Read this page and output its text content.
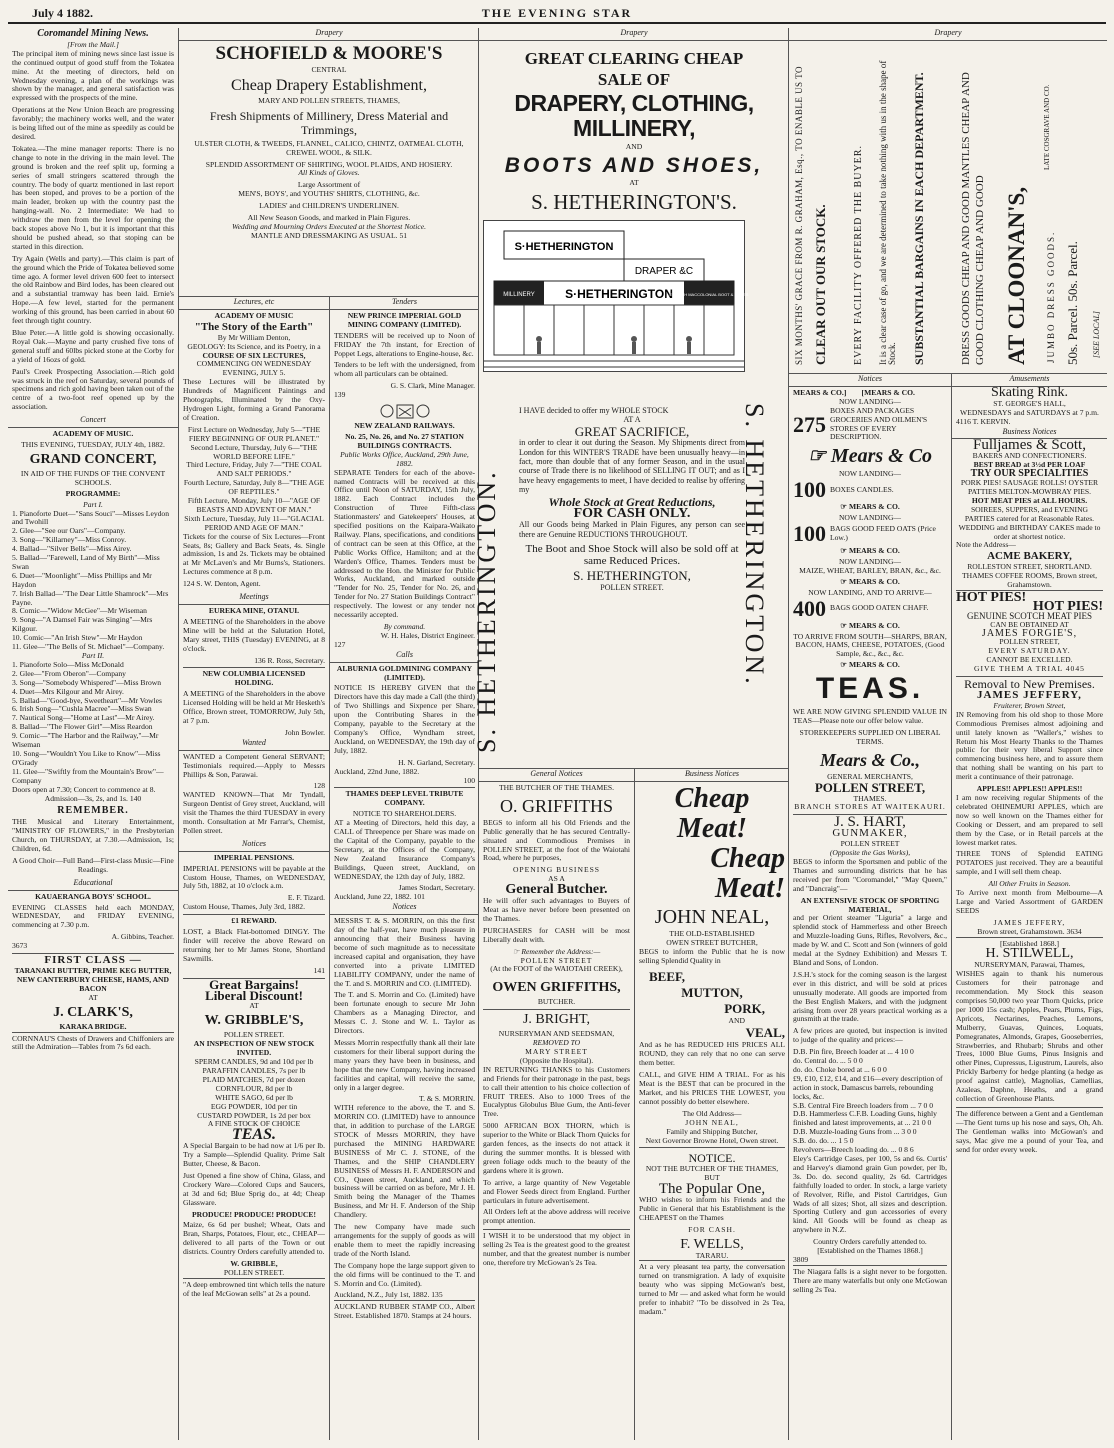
July 4 1882.	THE EVENING STAR
Coromandel Mining News.
[From the Mail.]

The principal item of mining news since last issue is the continued output of good stuff from the Tokatea mine. At the meeting of directors, held on Wednesday evening, a plan of the workings was shown by the manager, and general satisfaction was expressed with the prospects of the mine.

Operations at the New Union Beach are progressing favorably; the machinery works well, and the water is being lifted out of the mine as speedily as could be desired.

Tokatea.—The mine manager reports: There is no change to note in the driving in the main level. The ground is broken and the reef split up, forming a series of small stringers scattered through the country. The body of quartz mentioned in last report has been stoped, and proves to be a portion of the main leader, broken up with the country past the hanging-wall. No. 2 Intermediate: We had to withdraw the men from the level for opening the back stopes above No 1, but it is important that this should be pushed ahead, so that stoping can be started in this direction.

Try Again (Wells and party).—This claim is part of the ground which the Pride of Tokatea believed some time ago. A former level driven 600 feet to intersect the old Rainbow and Bird lodes, has been cleared out and a substantial tramway has been laid. Ernie's Hope.—A few level, started for the permanent working of this ground, has been carried in about 60 feet through tight country.

Blue Peter.—A little gold is showing occasionally. Royal Oak.—Mayne and party crushed five tons of general stuff and 60lbs picked stone at the Corby for a yield of 16ozs of gold.

Paul's Creek Prospecting Association.—Rich gold was struck in the reef on Saturday, several pounds of specimens and rich gold having been taken out of the centre of a two-foot reef opened up by the association.

Concert
ACADEMY OF MUSIC.
THIS EVENING, TUESDAY, JULY 4th, 1882.
GRAND CONCERT,
IN AID OF THE FUNDS OF THE CONVENT SCHOOLS.
PROGRAMME:
Part I.
1. Pianoforte Duet—"Sans Souci"—Misses Leydon and Twohill
2. Glee—"See our Oars"—Company.
3. Song—"Killarney"—Miss Conroy.
4. Ballad—"Silver Bells"—Miss Airey.
5. Ballad—"Farewell, Land of My Birth"—Miss Swan
6. Duet—"Moonlight"—Miss Phillips and Mr Haydon
7. Irish Ballad—"The Dear Little Shamrock"—Mrs Payne.
8. Comic—"Widow McGee"—Mr Wiseman
9. Song—"A Damsel Fair was Singing"—Mrs Kilgour.
10. Comic—"An Irish Stew"—Mr Haydon
11. Glee—"The Bells of St. Michael"—Company.
Part II.
1. Pianoforte Solo—Miss McDonald
2. Glee—"From Oberon"—Company
3. Song—"Somebody Whispered"—Miss Brown
4. Duet—Mrs Kilgour and Mr Airey.
5. Ballad—"Good-bye, Sweetheart"—Mr Vowles
6. Irish Song—"Cushla Macree"—Miss Swan
7. Nautical Song—"Home at Last"—Mr Airey.
8. Ballad—"The Flower Girl"—Miss Reardon
9. Comic—"The Harbor and the Railway,"—Mr Wiseman
10. Song—"Wouldn't You Like to Know"—Miss O'Grady
11. Glee—"Swiftly from the Mountain's Brow"—Company
Doors open at 7.30; Concert to commence at 8.
Admission—3s, 2s, and 1s. 140
REMEMBER.

THE Musical and Literary Entertainment, "MINISTRY OF FLOWERS," in the Presbyterian Church, on THURSDAY, at 7.30.—Admission, 1s; Children, 6d.

A Good Choir—Full Band—First-class Music—Fine Readings.

Educational
KAUAERANGA BOYS' SCHOOL.

EVENING CLASSES held each MONDAY, WEDNESDAY, and FRIDAY EVENING, commencing at 7.30 p.m.

A. Gibbins, Teacher.
3673
FIRST CLASS —
TARANAKI BUTTER, PRIME KEG BUTTER, NEW CANTERBURY CHEESE, HAMS, AND BACON
AT
J. CLARK'S,
KARAKA BRIDGE.

CORNNAU'S Chests of Drawers and Chiffoniers are still the Admiration—Tables from 7s 6d each.

Drapery
SCHOFIELD & MOORE'S
CENTRAL
Cheap Drapery Establishment,
MARY AND POLLEN STREETS, THAMES,
Fresh Shipments of Millinery, Dress Material and Trimmings,
ULSTER CLOTH, & TWEEDS, FLANNEL, CALICO, CHINTZ, OATMEAL CLOTH, CREWEL WOOL, & SILK.
SPLENDID ASSORTMENT OF SHIRTING, WOOL PLAIDS, AND HOSIERY.
All Kinds of Gloves.
Large Assortment of
MEN'S, BOYS', and YOUTHS' SHIRTS, CLOTHING, &c.
LADIES' and CHILDREN'S UNDERLINEN.
All New Season Goods, and marked in Plain Figures.
Wedding and Mourning Orders Executed at the Shortest Notice.
MANTLE AND DRESSMAKING AS USUAL. 51
Lectures, etc
ACADEMY OF MUSIC
"The Story of the Earth"
By Mr William Denton,
GEOLOGY: Its Science, and its Poetry, in a
COURSE OF SIX LECTURES,
COMMENCING ON WEDNESDAY EVENING, JULY 5.

These Lectures will be illustrated by Hundreds of Magnificent Paintings and Photographs, Illuminated by the Oxy-Hydrogen Light, forming a Grand Panorama of Creation.

First Lecture on Wednesday, July 5—"THE FIERY BEGINNING OF OUR PLANET."
Second Lecture, Thursday, July 6—"THE WORLD BEFORE LIFE."
Third Lecture, Friday, July 7—"THE COAL AND SALT PERIODS."
Fourth Lecture, Saturday, July 8—"THE AGE OF REPTILES."
Fifth Lecture, Monday, July 10—"AGE OF BEASTS AND ADVENT OF MAN."
Sixth Lecture, Tuesday, July 11—"GLACIAL PERIOD AND AGE OF MAN."

Tickets for the course of Six Lectures—Front Seats, 8s; Gallery and Back Seats, 4s. Single admission, 1s and 2s. Tickets may be obtained at Mr McLaven's and Mr Burns's, Stationers. Lectures commence at 8 p.m.

124 S. W. Denton, Agent.
Meetings
EUREKA MINE, OTANUI.

A MEETING of the Shareholders in the above Mine will be held at the Salutation Hotel, Mary street, THIS (Tuesday) EVENING, at 8 o'clock.

136 R. Ross, Secretary.
NEW COLUMBIA LICENSED HOLDING.

A MEETING of the Shareholders in the above Licensed Holding will be held at Mr Hesketh's Office, Brown street, TOMORROW, July 5th, at 7 p.m.

John Bowler.
Wanted

WANTED a Competent General SERVANT; Testimonials required.—Apply to Messrs Phillips & Son, Parawai.

128

WANTED KNOWN—That Mr Tyndall, Surgeon Dentist of Grey street, Auckland, will visit the Thames the third TUESDAY in every month. Consultation at Mr Farrar's, Chemist, Pollen street.

Notices
IMPERIAL PENSIONS.

IMPERIAL PENSIONS will be payable at the Custom House, Thames, on WEDNESDAY, July 5th, 1882, at 10 o'clock a.m.

E. F. Tizard.
Custom House, Thames, July 3rd, 1882.
£1 REWARD.

LOST, a Black Flat-bottomed DINGY. The finder will receive the above Reward on returning her to Mr James Stone, Shortland Sawmills.

141
Great Bargains!
Liberal Discount!
AT
W. GRIBBLE'S,
POLLEN STREET.
AN INSPECTION OF NEW STOCK INVITED.
SPERM CANDLES, 9d and 10d per lb
PARAFFIN CANDLES, 7s per lb
PLAID MATCHES, 7d per dozen
CORNFLOUR, 8d per lb
WHITE SAGO, 6d per lb
EGG POWDER, 10d per tin
CUSTARD POWDER, 1s 2d per box
A FINE STOCK OF CHOICE
TEAS.

A Special Bargain to be had now at 1/6 per lb. Try a Sample—Splendid Quality. Prime Salt Butter, Cheese, & Bacon.

Just Opened a fine show of China, Glass, and Crockery Ware—Colored Cups and Saucers, at 3d and 6d; Blue Sprig do., at 4d; Cheap Glassware.

PRODUCE! PRODUCE! PRODUCE!

Maize, 6s 6d per bushel; Wheat, Oats and Bran, Sharps, Potatoes, Flour, etc., CHEAP—delivered to all parts of the Town or out districts. Country Orders carefully attended to.

W. GRIBBLE,
POLLEN STREET.

"A deep embrowned tint which tells the nature of the leaf McGowan sells" at 2s a pound.

Tenders
NEW PRINCE IMPERIAL GOLD MINING COMPANY (LIMITED).

TENDERS will be received up to Noon of FRIDAY the 7th instant, for Erection of Poppet Legs, alterations to Engine-house, &c.

Tenders to be left with the undersigned, from whom all particulars can be obtained.

G. S. Clark, Mine Manager.
139
NEW ZEALAND RAILWAYS.
No. 25, No. 26, and No. 27 STATION BUILDINGS CONTRACTS.
Public Works Office, Auckland, 29th June, 1882.

SEPARATE Tenders for each of the above-named Contracts will be received at this Office until Noon of SATURDAY, 15th July, 1882. Each Contract includes the Construction of Three Fifth-class Stationmasters' and Gatekeepers' Houses, at specified positions on the Kaipara-Waikato Railway. Plans, specifications, and conditions of contract can be seen at this Office, at the Public Works Office, Hamilton; and at the Warden's Office, Thames. Tenders must be addressed to the Hon. the Minister for Public Works, Auckland, and marked outside "Tender for No. 25, Tender for No. 26, and Tender for No. 27 Station Buildings Contract" respectively. The lowest or any tender not necessarily accepted.

By command.
W. H. Hales, District Engineer.
127
Calls
ALBURNIA GOLDMINING COMPANY (LIMITED).

NOTICE IS HEREBY GIVEN that the Directors have this day made a Call (the third) of Two Shillings and Sixpence per Share, upon the Contributing Shares in the Company, payable to the Secretary at the Company's Office, Wyndham street, Auckland, on WEDNESDAY, the 19th day of July, 1882.

H. N. Garland, Secretary.
Auckland, 22nd June, 1882.
100
THAMES DEEP LEVEL TRIBUTE COMPANY.
NOTICE TO SHAREHOLDERS.

AT a Meeting of Directors, held this day, a CALL of Threepence per Share was made on the Capital of the Company, payable to the Secretary, at the Offices of the Company, New Zealand Insurance Company's Buildings, Queen street, Auckland, on WEDNESDAY, the 12th day of July, 1882.

James Stodart, Secretary.
Auckland, June 22, 1882. 101
Notices

MESSRS T. & S. MORRIN, on this the first day of the half-year, have much pleasure in announcing that their Business having become of such magnitude as to necessitate increased capital and organisation, they have converted into a private LIMITED LIABILITY COMPANY, under the name of the T. and S. MORRIN and CO. (LIMITED).

The T. and S. Morrin and Co. (Limited) have been fortunate enough to secure Mr John Chambers as a Managing Director, and Messrs C. J. Stone and W. L. Taylor as Directors.

Messrs Morrin respectfully thank all their late customers for their liberal support during the many years they have been in business, and hope that the new Company, having increased facilities and capital, will receive the same, only in a larger degree.

T. & S. MORRIN.

WITH reference to the above, the T. and S. MORRIN CO. (LIMITED) have to announce that, in addition to purchase of the LARGE STOCK of Messrs MORRIN, they have purchased the MINING HARDWARE BUSINESS of Mr C. J. STONE, of the Thames, and the SHIP CHANDLERY BUSINESS of Messrs H. F. ANDERSON and CO., Queen street, Auckland, and which business will be carried on as before, Mr J. H. Smith being the Manager of the Thames Business, and Mr H. F. Anderson of the Ship Chandlery.

The new Company have made such arrangements for the supply of goods as will enable them to meet the rapidly increasing trade of the North Island.

The Company hope the large support given to the old firms will be continued to the T. and S. Morrin and Co. (Limited).

Auckland, N.Z., July 1st, 1882. 135

AUCKLAND RUBBER STAMP CO., Albert Street. Established 1870. Stamps at 24 hours.

Drapery
GREAT CLEARING CHEAP
SALE OF
DRAPERY, CLOTHING, MILLINERY,
AND
BOOTS AND SHOES,
AT
S. HETHERINGTON'S.
S·HETHERINGTON
DRAPER &C
MILLINERY	S·HETHERINGTON
ENGLISH MACCOLONIAL BOOT & SHOES
S. HETHERINGTON.	S. HETHERINGTON.
I HAVE decided to offer my WHOLE STOCK
AT A
GREAT SACRIFICE,

in order to clear it out during the Season. My Shipments direct from London for this WINTER'S TRADE have been unusually heavy—in fact, more than double that of any former Season, and in the usual course of Trade there is no likelihood of SELLING IT OUT; and as I have heavy engagements to meet, I have decided to realise by offering my

Whole Stock at Great Reductions,
FOR CASH ONLY.

All our Goods being Marked in Plain Figures, any person can see there are Genuine REDUCTIONS THROUGHOUT.

The Boot and Shoe Stock will also be sold off at same Reduced Prices.
S. HETHERINGTON,
POLLEN STREET.
General Notices
THE BUTCHER OF THE THAMES.
O. GRIFFITHS

BEGS to inform all his Old Friends and the Public generally that he has secured Centrally-situated and Commodious Premises in POLLEN STREET, at the foot of the Waiotahi Road, where he purposes,

OPENING BUSINESS
AS A
General Butcher.

He will offer such advantages to Buyers of Meat as have never before been presented on the Thames.

PURCHASERS for CASH will be most Liberally dealt with.

☞ Remember the Address:—
POLLEN STREET
(At the FOOT of the WAIOTAHI CREEK),
OWEN GRIFFITHS,
BUTCHER.
J. BRIGHT,
NURSERYMAN AND SEEDSMAN,
REMOVED TO
MARY STREET
(Opposite the Hospital).

IN RETURNING THANKS to his Customers and Friends for their patronage in the past, begs to call their attention to his choice collection of FRUIT TREES. Also to 1000 Trees of the Eucalyptus Globulus Blue Gum, the Anti-fever Tree.

5000 AFRICAN BOX THORN, which is superior to the White or Black Thorn Quicks for garden fences, as the insects do not attack it during the summer months. It is blessed with green foliage odds much to the beauty of the gardens where it is grown.

To arrive, a large quantity of New Vegetable and Flower Seeds direct from England. Further particulars in future advertisement.

All Orders left at the above address will receive prompt attention.

I WISH it to be understood that my object in selling 2s Tea is the greatest good to the greatest number, and that the greatest number is number one, therefore try McGowan's 2s Tea.

Business Notices
Cheap Meat!
Cheap Meat!
JOHN NEAL,
THE OLD-ESTABLISHED
OWEN STREET BUTCHER,

BEGS to inform the Public that he is now selling Splendid Quality in

BEEF,
MUTTON,
PORK,
AND
VEAL,

And as he has REDUCED HIS PRICES ALL ROUND, they can rely that no one can serve them better.

CALL, and GIVE HIM A TRIAL. For as his Meat is the BEST that can be procured in the Market, and his PRICES THE LOWEST, you cannot possibly do better elsewhere.

The Old Address—
JOHN NEAL,
Family and Shipping Butcher,
Next Governor Browne Hotel, Owen street.
NOTICE.
NOT THE BUTCHER OF THE THAMES, BUT
The Popular One,

WHO wishes to inform his Friends and the Public in General that his Establishment is the CHEAPEST on the Thames

FOR CASH.
F. WELLS,
TARARU.

At a very pleasant tea party, the conversation turned on transmigration. A lady of exquisite beauty who was sipping McGowan's best, turned to Mr — and asked what form he would prefer to inhabit? "To be dissolved in 2s Tea, madam."

Drapery
SIX MONTHS' GRACE FROM R. GRAHAM, Esq., TO ENABLE US TO CLEAR OUT OUR STOCK.	EVERY FACILITY OFFERED THE BUYER. It is a clear case of go, and we are determined to take nothing with us in the shape of Stock.	SUBSTANTIAL BARGAINS IN EACH DEPARTMENT.	DRESS GOODS CHEAP AND GOOD MANTLES CHEAP AND GOOD CLOTHING CHEAP AND GOOD AT CLOONAN'S,
LATE COSGRAVE AND CO.
JUMBO DRESS GOODS. 50s. Parcel. 50s. Parcel.	[SEE LOCAL]
Notices
MEARS & CO.]        [MEARS & CO.
NOW LANDING—
275
BOXES AND PACKAGES GROCERIES AND OILMEN'S STORES OF EVERY DESCRIPTION.
☞ Mears & Co
NOW LANDING—
100 BOXES CANDLES.
☞ MEARS & CO.
NOW LANDING—
100 BAGS GOOD FEED OATS (Price Low.)
☞ MEARS & CO.
NOW LANDING—
MAIZE, WHEAT, BARLEY, BRAN, &c., &c.
☞ MEARS & CO.
NOW LANDING, AND TO ARRIVE—
400 BAGS GOOD OATEN CHAFF.
☞ MEARS & CO.
TO ARRIVE FROM SOUTH—SHARPS, BRAN, BACON, HAMS, CHEESE, POTATOES, (Good Sample, &c., &c., &c.
☞ MEARS & CO.
TEAS.

WE ARE NOW GIVING SPLENDID VALUE IN TEAS—Please note our offer below value.

STOREKEEPERS SUPPLIED ON LIBERAL TERMS.
Mears & Co.,
GENERAL MERCHANTS,
POLLEN STREET,
THAMES.
BRANCH STORES AT WAITEKAURI.
J. S. HART,
GUNMAKER,
POLLEN STREET
(Opposite the Gas Works),

BEGS to inform the Sportsmen and public of the Thames and surrounding districts that he has received per from "Coromandel," "May Queen," and "Dancraig"—

AN EXTENSIVE STOCK OF SPORTING MATERIAL,

and per Orient steamer "Liguria" a large and splendid stock of Hammerless and other Breech and Muzzle-loading Guns, Rifles, Revolvers, &c., made by W. and C. Scott and Son (winners of gold medal at the Sydney Exhibition) and Messrs T. Bland and Sons, of London.

J.S.H.'s stock for the coming season is the largest ever in this district, and will be sold at prices unusually moderate. All goods are imported from the Best English Makers, and with the judgment arising from over 28 years practical working as a gunsmith at the trade.

A few prices are quoted, but inspection is invited to judge of the quality and prices:—

D.B. Pin fire, Breech loader at ... 4 10 0
do. Central do. ... 5 0 0
do. do. Choke bored at ... 6 0 0
£9, £10, £12, £14, and £16—every description of action in stock, Damascus barrels, rebounding locks, &c.
S.B. Central Fire Breech loaders from ... 7 0 0
D.B. Hammerless C.F.B. Loading Guns, highly finished and latest improvements, at ... 21 0 0
D.B. Muzzle-loading Guns from ... 3 0 0
S.B. do. do. ... 1 5 0
Revolvers—Breech loading do. ... 0 8 6

Eley's Cartridge Cases, per 100, 5s and 6s. Curtis' and Harvey's diamond grain Gun powder, per lb, 3s. Do. do. second quality, 2s 6d. Cartridges faithfully loaded to order. In stock, a large variety of Revolver, Rifle, and Pistol Cartridges, Gun Wads of all sizes; Shot, all sizes and description. Sporting Cutlery and gun accessories of every kind. All Goods will be found as cheap as anywhere in N.Z.

Country Orders carefully attended to.
[Established on the Thames 1868.]
3809

The Niagara falls is a sight never to be forgotten. There are many waterfalls but only one McGowan selling 2s Tea.

Amusements
Skating Rink.
ST. GEORGE'S HALL,
WEDNESDAYS and SATURDAYS at 7 p.m.
4116 T. KERVIN.
Business Notices
Fulljames & Scott,
BAKERS AND CONFECTIONERS.
BEST BREAD at 3½d PER LOAF
TRY OUR SPECIALITIES
PORK PIES! SAUSAGE ROLLS! OYSTER PATTIES MELTON-MOWBRAY PIES.
HOT MEAT PIES at ALL HOURS.
SOIREES, SUPPERS, and EVENING PARTIES catered for at Reasonable Rates. WEDDING and BIRTHDAY CAKES made to order at shortest notice.
Note the Address—
ACME BAKERY,
ROLLESTON STREET, SHORTLAND. THAMES COFFEE ROOMS, Brown street, Grahamstown.
HOT PIES!
HOT PIES!
GENUINE SCOTCH MEAT PIES
CAN BE OBTAINED AT
JAMES FORGIE'S,
POLLEN STREET,
EVERY SATURDAY.
CANNOT BE EXCELLED.
GIVE THEM A TRIAL 4045
Removal to New Premises.
JAMES JEFFERY,
Fruiterer, Brown Street,

IN Removing from his old shop to those More Commodious Premises almost adjoining and until lately known as "Waller's," wishes to Return his Most Hearty Thanks to the Thames public for their very liberal Support since commencing business here, and to assure them that nothing shall be wanting on his part to merit a continuance of their patronage.

APPLES!! APPLES!! APPLES!!

I am now receiving regular Shipments of the celebrated OHINEMURI APPLES, which are now so well known on the Thames either for Cooking or Dessert, and am prepared to sell them by the Case, or in Retail parcels at the lowest market rates.

THREE TONS of Splendid EATING POTATOES just received. They are a beautiful sample, and I will sell them cheap.

All Other Fruits in Season.

To Arrive next month from Melbourne—A Large and Varied Assortment of GARDEN SEEDS

JAMES JEFFERY,
Brown street, Grahamstown. 3634
[Established 1868.]
H. STILWELL,
NURSERYMAN, Parawai, Thames,

WISHES again to thank his numerous Customers for their patronage and recommendation. My Stock this season comprises 50,000 two year Thorn Quicks, price per 1000 15s cash; Apples, Pears, Plums, Figs, Apricots, Nectarines, Peaches, Lemons, Mulberry, Guavas, Quinces, Loquats, Pomegranates, Almonds, Grapes, Gooseberries, Strawberries, and Rhubarb; Shrubs and other Trees, 1000 Blue Gums, Pinus Insignis and other Pines, Cupressus, Ligustrum, Laurels, also Prickly Barberry for hedge planting (a hedge as proof against cattle), Magnolias, Camellias, Azaleas, Daphne, Heaths, and a grand collection of Greenhouse Plants.

The difference between a Gent and a Gentleman—The Gent turns up his nose and says, Oh, Ah. The Gentleman walks into McGowan's and says, Mac give me a pound of your Tea, and send for order every week.
